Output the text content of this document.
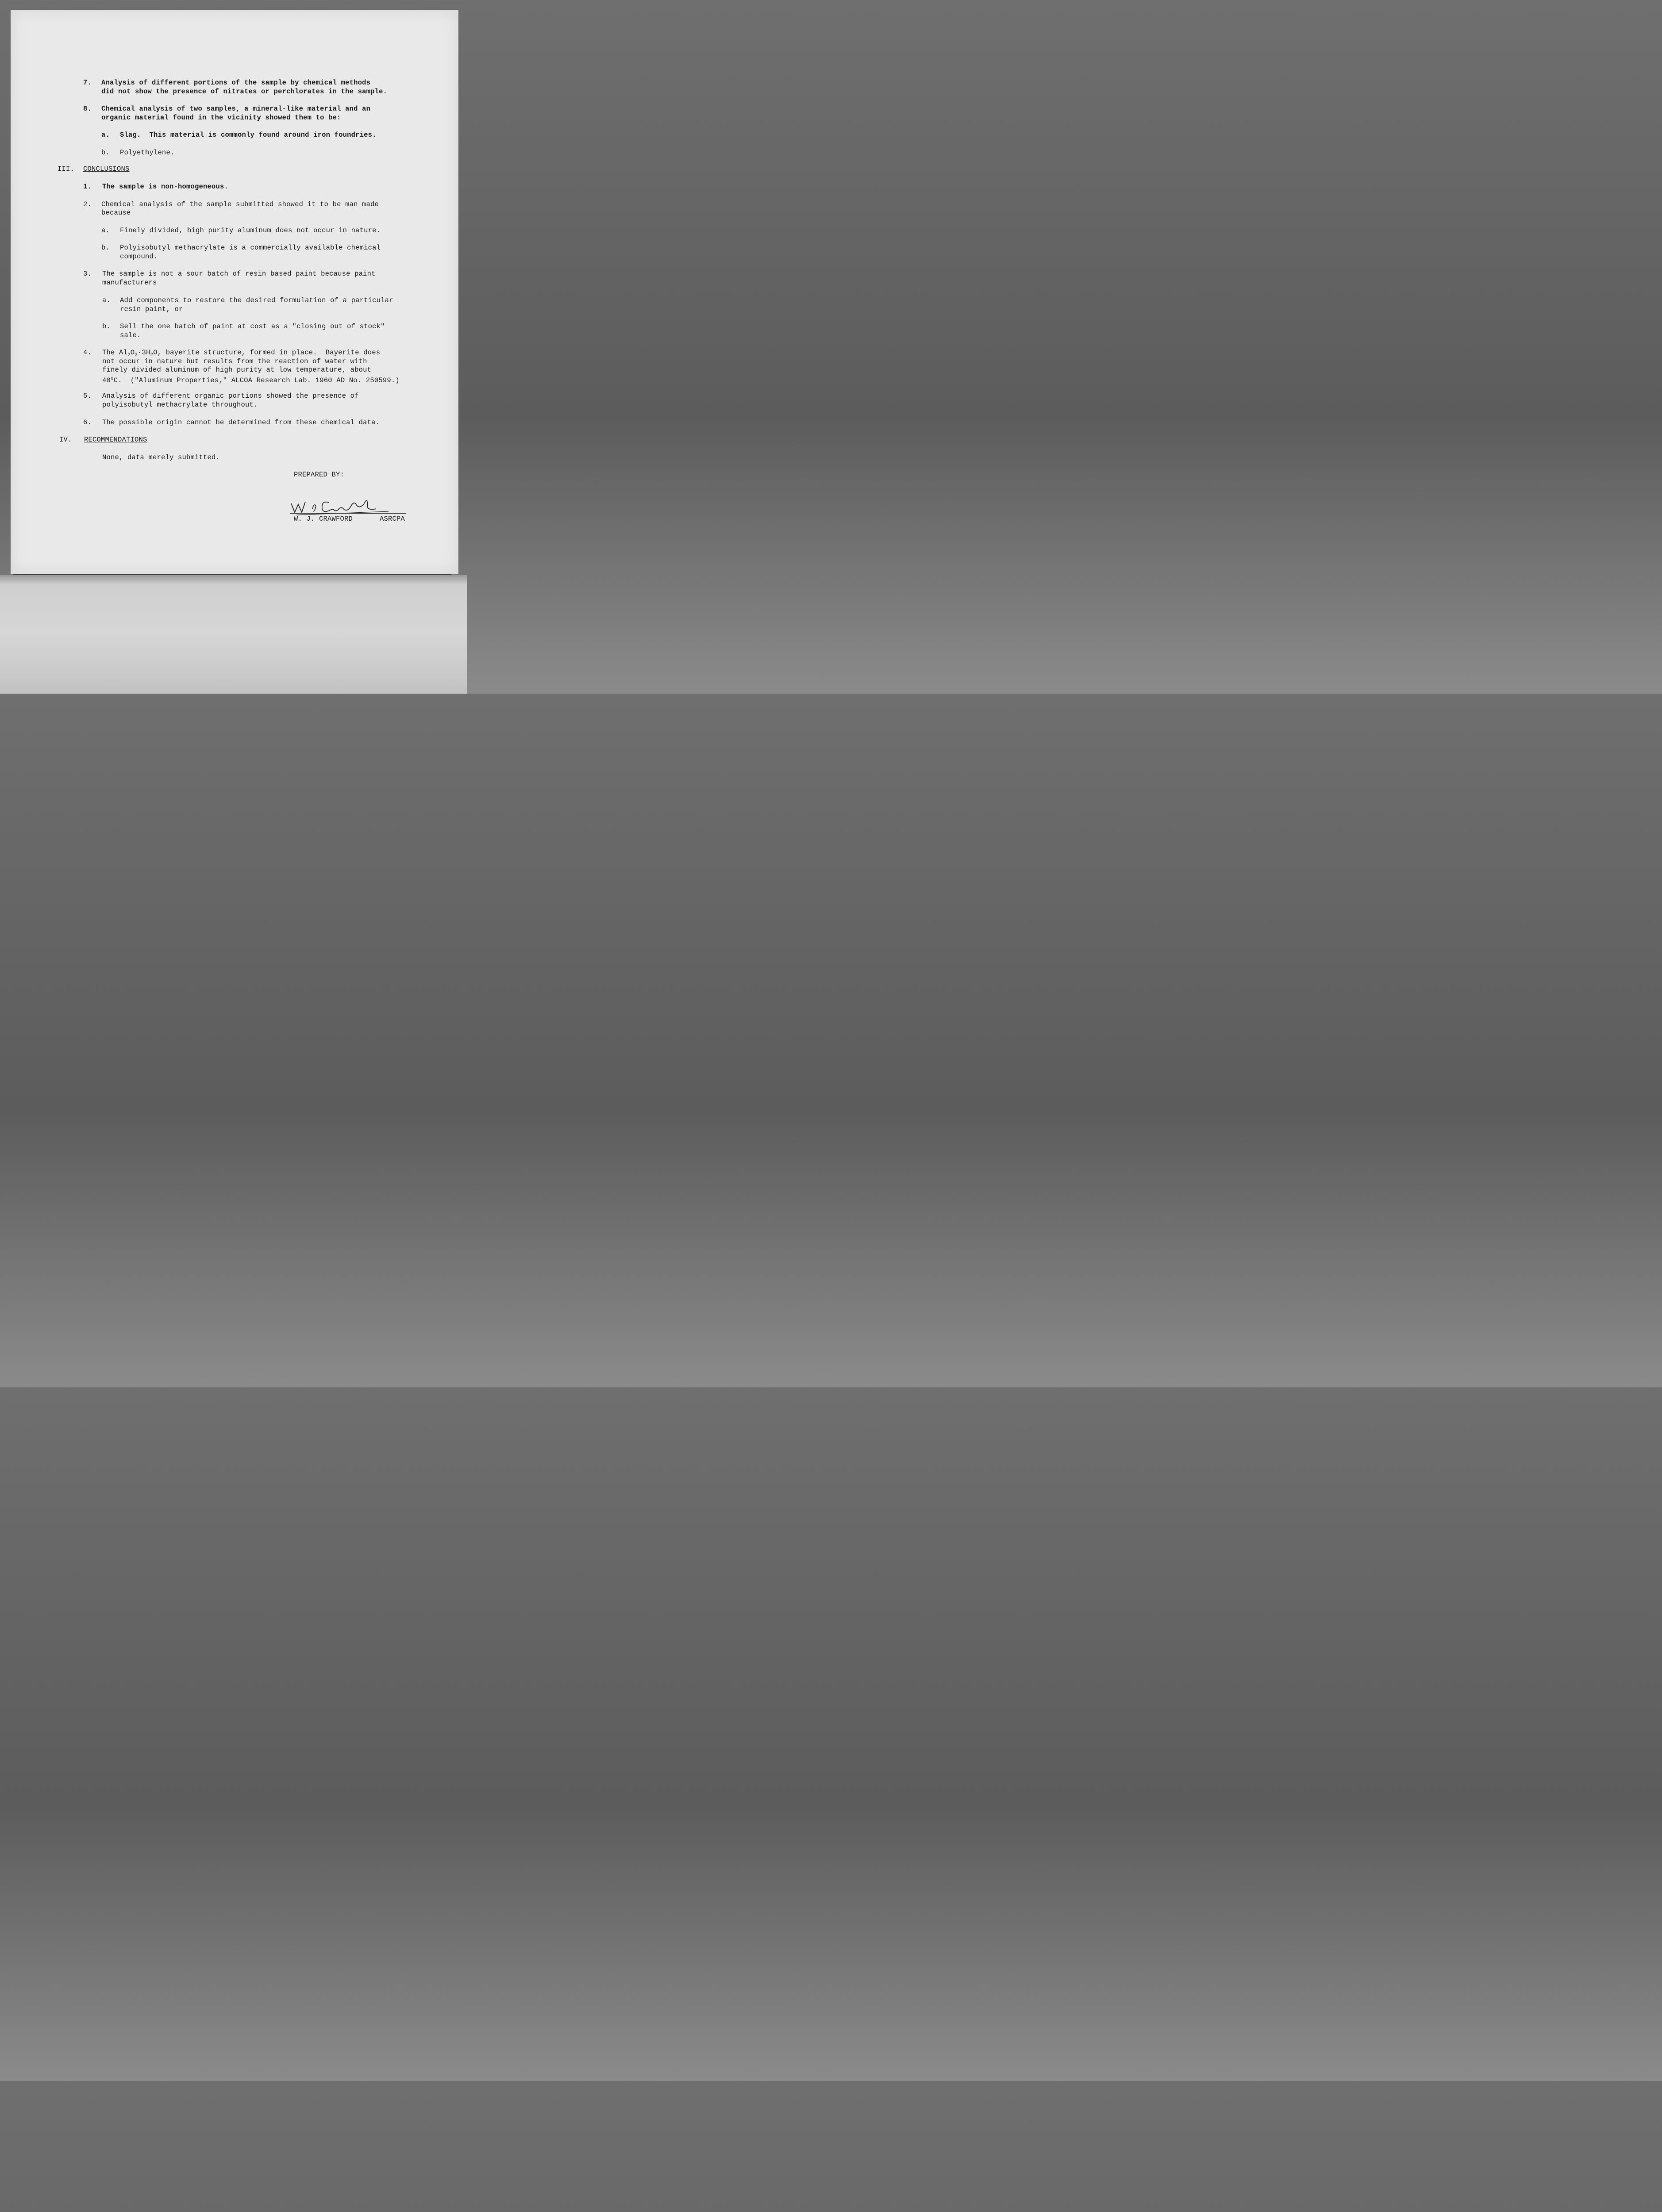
7. Analysis of different portions of the sample by chemical methods
did not show the presence of nitrates or perchlorates in the sample.
8. Chemical analysis of two samples, a mineral-like material and an
organic material found in the vicinity showed them to be:
a. Slag.  This material is commonly found around iron foundries.
b. Polyethylene.
III. CONCLUSIONS
1. The sample is non-homogeneous.
2. Chemical analysis of the sample submitted showed it to be man made
because
a. Finely divided, high purity aluminum does not occur in nature.
b. Polyisobutyl methacrylate is a commercially available chemical
compound.
3. The sample is not a sour batch of resin based paint because paint
manufacturers
a. Add components to restore the desired formulation of a particular
resin paint, or
b. Sell the one batch of paint at cost as a "closing out of stock"
sale.
4. The $Al_2O_3\cdot 3H_2O$, bayerite structure, formed in place.  Bayerite does
not occur in nature but results from the reaction of water with
finely divided aluminum of high purity at low temperature, about
40$^o$C.  ("Aluminum Properties," ALCOA Research Lab. 1960 AD No. 250599.)
5. Analysis of different organic portions showed the presence of
polyisobutyl methacrylate throughout.
6. The possible origin cannot be determined from these chemical data.
IV. RECOMMENDATIONS
None, data merely submitted.
PREPARED BY:
W. J. CRAWFORD	ASRCPA
